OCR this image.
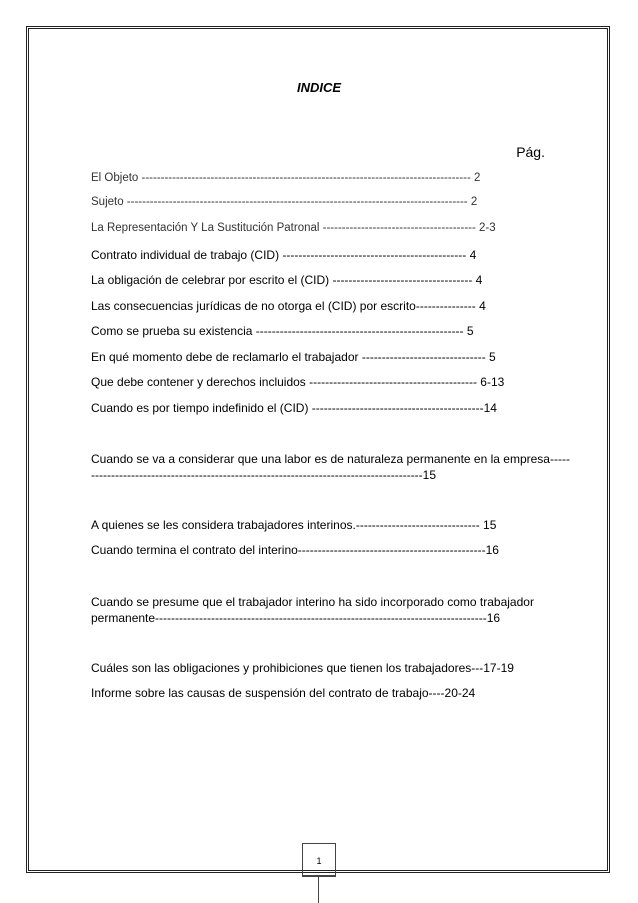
INDICE
Pág.
El Objeto -------------------------------------------------------------------------------------- 2
Sujeto ----------------------------------------------------------------------------------------- 2
La Representación Y La Sustitución Patronal ---------------------------------------- 2-3
Contrato individual de trabajo (CID) ---------------------------------------------- 4
La obligación de celebrar por escrito el (CID) ----------------------------------- 4
Las consecuencias jurídicas de no otorga el (CID) por escrito--------------- 4
Como se prueba su existencia ---------------------------------------------------- 5
En qué momento debe de reclamarlo el trabajador ------------------------------- 5
Que debe contener y derechos incluidos ------------------------------------------ 6-13
Cuando es por tiempo indefinido el (CID) -------------------------------------------14
Cuando se va a considerar que una labor es de naturaleza permanente en la empresa----------------------------------------------------------------------------------------15
A quienes se les considera trabajadores interinos.------------------------------- 15
Cuando termina el contrato del interino-----------------------------------------------16
Cuando se presume que el trabajador interino ha sido incorporado como trabajador permanente-----------------------------------------------------------------------------------16
Cuáles son las obligaciones y prohibiciones que tienen los trabajadores---17-19
Informe sobre las causas de suspensión del contrato de trabajo----20-24
1
